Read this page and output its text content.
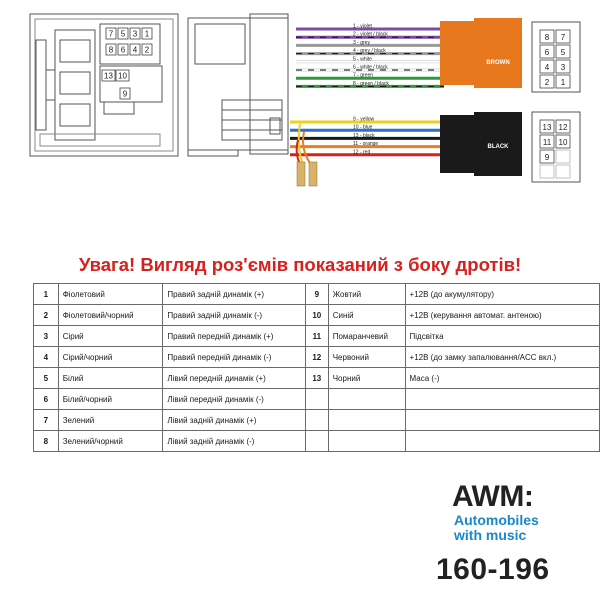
7 5 3 1
8 6 4 2
13 10
9
1 - violet
2 - violet / black
3 - grey
4 - grey / black
5 - white
6 - white / black
7 - green
8 - green / black
BROWN
9 - yellow
10 - blue
13 - black
11 - orange
12 - red
BLACK
8 7
6 5
4 3
2 1
13 12
11 10
9
Увага! Вигляд роз'ємів показаний з боку дротів!
1	Фіолетовий	Правий задній динамік (+)	9	Жовтий	+12В (до акумулятору)
2	Фіолетовий/чорний	Правий задній динамік (-)	10	Синій	+12В (керування автомат. антеною)
3	Сірий	Правий передній динамік (+)	11	Помаранчевий	Підсвітка
4	Сірий/чорний	Правий передній динамік (-)	12	Червоний	+12В (до замку запалювання/ACC вкл.)
5	Білий	Лівий передній динамік (+)	13	Чорний	Маса (-)
6	Білий/чорний	Лівий передній динамік (-)			
7	Зелений	Лівий задній динамік (+)			
8	Зелений/чорний	Лівий задній динамік (-)			
AWM:
Automobiles
with music
160-196
